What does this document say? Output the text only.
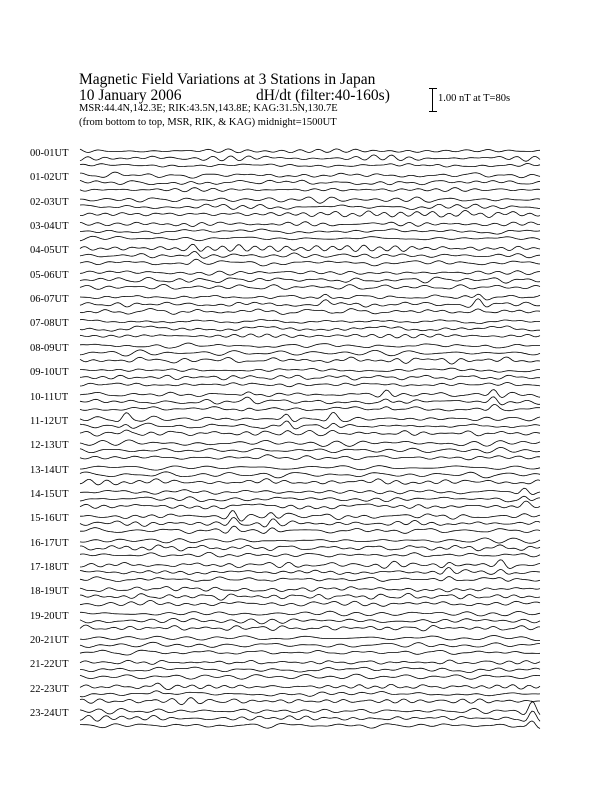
Magnetic Field Variations at 3 Stations in Japan
10 January 2006	dH/dt (filter:40-160s)
MSR:44.4N,142.3E; RIK:43.5N,143.8E; KAG:31.5N,130.7E
(from bottom to top, MSR, RIK, & KAG) midnight=1500UT
1.00 nT at T=80s
00-01UT
01-02UT
02-03UT
03-04UT
04-05UT
05-06UT
06-07UT
07-08UT
08-09UT
09-10UT
10-11UT
11-12UT
12-13UT
13-14UT
14-15UT
15-16UT
16-17UT
17-18UT
18-19UT
19-20UT
20-21UT
21-22UT
22-23UT
23-24UT
